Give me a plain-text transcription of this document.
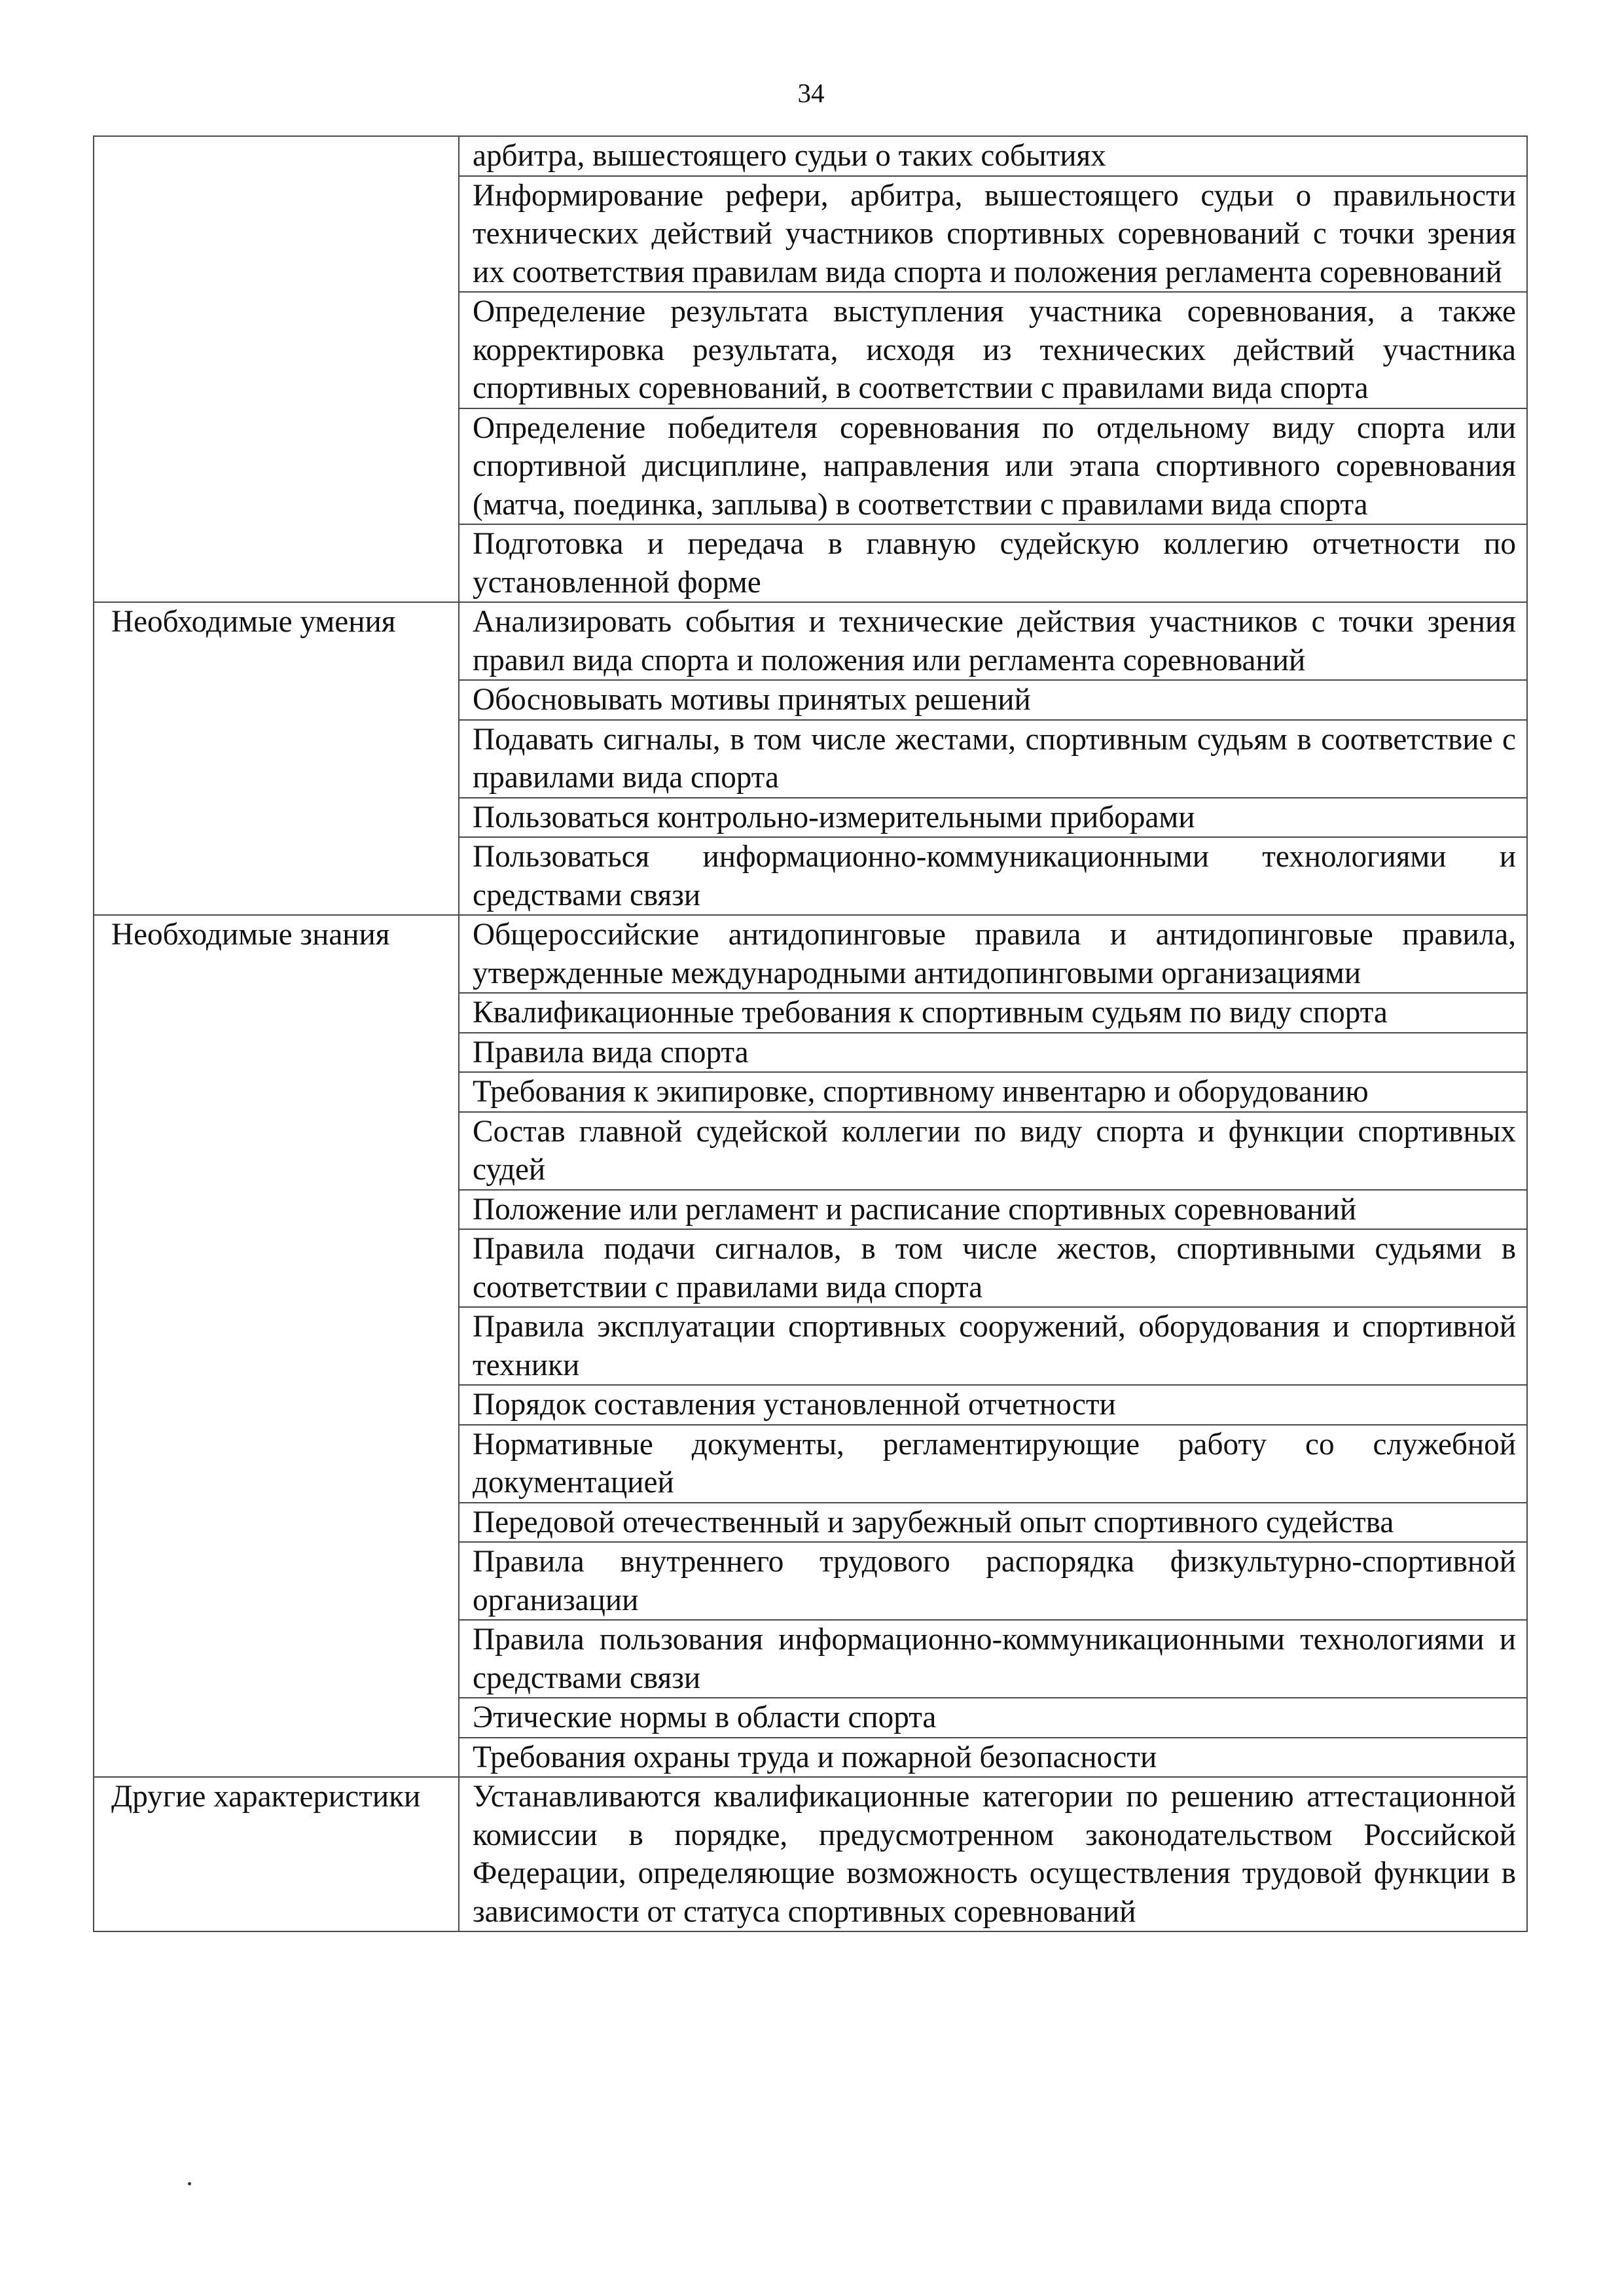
34
	арбитра, вышестоящего судьи о таких событиях
	Информирование рефери, арбитра, вышестоящего судьи о правильности технических действий участников спортивных соревнований с точки зрения их соответствия правилам вида спорта и положения регламента соревнований
	Определение результата выступления участника соревнования, а также корректировка результата, исходя из технических действий участника спортивных соревнований, в соответствии с правилами вида спорта
	Определение победителя соревнования по отдельному виду спорта или спортивной дисциплине, направления или этапа спортивного соревнования (матча, поединка, заплыва) в соответствии с правилами вида спорта
	Подготовка и передача в главную судейскую коллегию отчетности по установленной форме
Необходимые умения	Анализировать события и технические действия участников с точки зрения правил вида спорта и положения или регламента соревнований
	Обосновывать мотивы принятых решений
	Подавать сигналы, в том числе жестами, спортивным судьям в соответствие с правилами вида спорта
	Пользоваться контрольно-измерительными приборами
	Пользоваться информационно-коммуникационными технологиями и средствами связи
Необходимые знания	Общероссийские антидопинговые правила и антидопинговые правила, утвержденные международными антидопинговыми организациями
	Квалификационные требования к спортивным судьям по виду спорта
	Правила вида спорта
	Требования к экипировке, спортивному инвентарю и оборудованию
	Состав главной судейской коллегии по виду спорта и функции спортивных судей
	Положение или регламент и расписание спортивных соревнований
	Правила подачи сигналов, в том числе жестов, спортивными судьями в соответствии с правилами вида спорта
	Правила эксплуатации спортивных сооружений, оборудования и спортивной техники
	Порядок составления установленной отчетности
	Нормативные документы, регламентирующие работу со служебной документацией
	Передовой отечественный и зарубежный опыт спортивного судейства
	Правила внутреннего трудового распорядка физкультурно-спортивной организации
	Правила пользования информационно-коммуникационными технологиями и средствами связи
	Этические нормы в области спорта
	Требования охраны труда и пожарной безопасности
Другие характеристики	Устанавливаются квалификационные категории по решению аттестационной комиссии в порядке, предусмотренном законодательством Российской Федерации, определяющие возможность осуществления трудовой функции в зависимости от статуса спортивных соревнований
